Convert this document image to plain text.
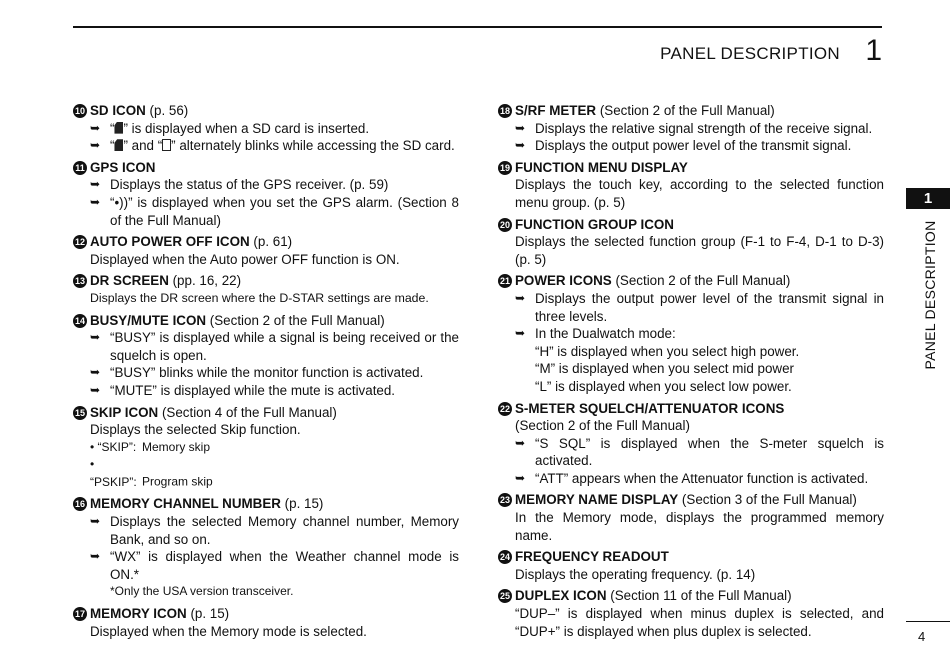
PANEL DESCRIPTION 1
10 SD ICON (p. 56)
➥ “ ” is displayed when a SD card is inserted.
➥ “ ” and “ ” alternately blinks while accessing the SD card.
11 GPS ICON
➥ Displays the status of the GPS receiver. (p. 59)
➥ “•))” is displayed when you set the GPS alarm. (Section 8 of the Full Manual)
12 AUTO POWER OFF ICON (p. 61)
Displayed when the Auto power OFF function is ON.
13 DR SCREEN (pp. 16, 22)
Displays the DR screen where the D-STAR settings are made.
14 BUSY/MUTE ICON (Section 2 of the Full Manual)
➥ “BUSY” is displayed while a signal is being received or the squelch is open.
➥ “BUSY” blinks while the monitor function is activated.
➥ “MUTE” is displayed while the mute is activated.
15 SKIP ICON (Section 4 of the Full Manual)
Displays the selected Skip function.
• “SKIP”: Memory skip
• “PSKIP”: Program skip
16 MEMORY CHANNEL NUMBER (p. 15)
➥ Displays the selected Memory channel number, Memory Bank, and so on.
➥ “WX” is displayed when the Weather channel mode is ON.*
*Only the USA version transceiver.
17 MEMORY ICON (p. 15)
Displayed when the Memory mode is selected.
18 S/RF METER (Section 2 of the Full Manual)
➥ Displays the relative signal strength of the receive signal.
➥ Displays the output power level of the transmit signal.
19 FUNCTION MENU DISPLAY
Displays the touch key, according to the selected function menu group. (p. 5)
20 FUNCTION GROUP ICON
Displays the selected function group (F-1 to F-4, D-1 to D-3) (p. 5)
21 POWER ICONS (Section 2 of the Full Manual)
➥ Displays the output power level of the transmit signal in three levels.
➥ In the Dualwatch mode:
“H” is displayed when you select high power.
“M” is displayed when you select mid power
“L” is displayed when you select low power.
22 S-METER SQUELCH/ATTENUATOR ICONS
(Section 2 of the Full Manual)
➥ “S SQL” is displayed when the S-meter squelch is activated.
➥ “ATT” appears when the Attenuator function is activated.
23 MEMORY NAME DISPLAY (Section 3 of the Full Manual)
In the Memory mode, displays the programmed memory name.
24 FREQUENCY READOUT
Displays the operating frequency. (p. 14)
25 DUPLEX ICON (Section 11 of the Full Manual)
“DUP–” is displayed when minus duplex is selected, and “DUP+” is displayed when plus duplex is selected.
1
PANEL DESCRIPTION
4
